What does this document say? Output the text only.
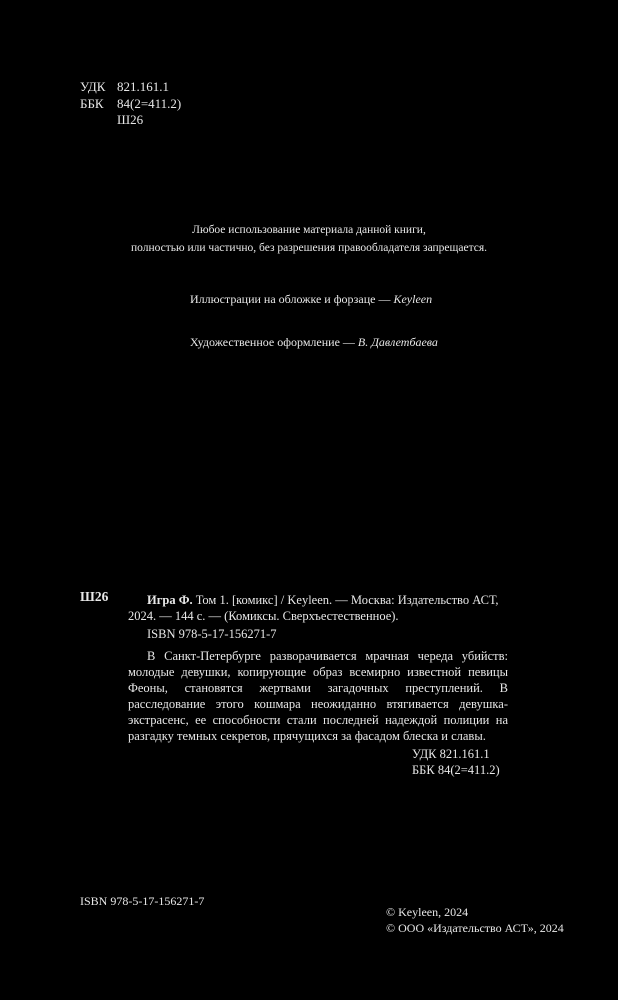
УДК 821.161.1
ББК 84(2=411.2)
Ш26
Любое использование материала данной книги,
полностью или частично, без разрешения правообладателя запрещается.
Иллюстрации на обложке и форзаце — Keyleen
Художественное оформление — В. Давлетбаева
Ш26	Игра Ф. Том 1. [комикс] / Keyleen. — Москва: Издательство АСТ, 2024. — 144 с. — (Комиксы. Сверхъестественное).

ISBN 978-5-17-156271-7

В Санкт-Петербурге разворачивается мрачная череда убийств: молодые девушки, копирующие образ всемирно известной певицы Феоны, становятся жертвами загадочных преступлений. В расследование этого кошмара неожиданно втягивается девушка-экстрасенс, ее способности стали последней надеждой полиции на разгадку темных секретов, прячущихся за фасадом блеска и славы.

УДК 821.161.1
ББК 84(2=411.2)
ISBN 978-5-17-156271-7
© Keyleen, 2024
© ООО «Издательство АСТ», 2024
